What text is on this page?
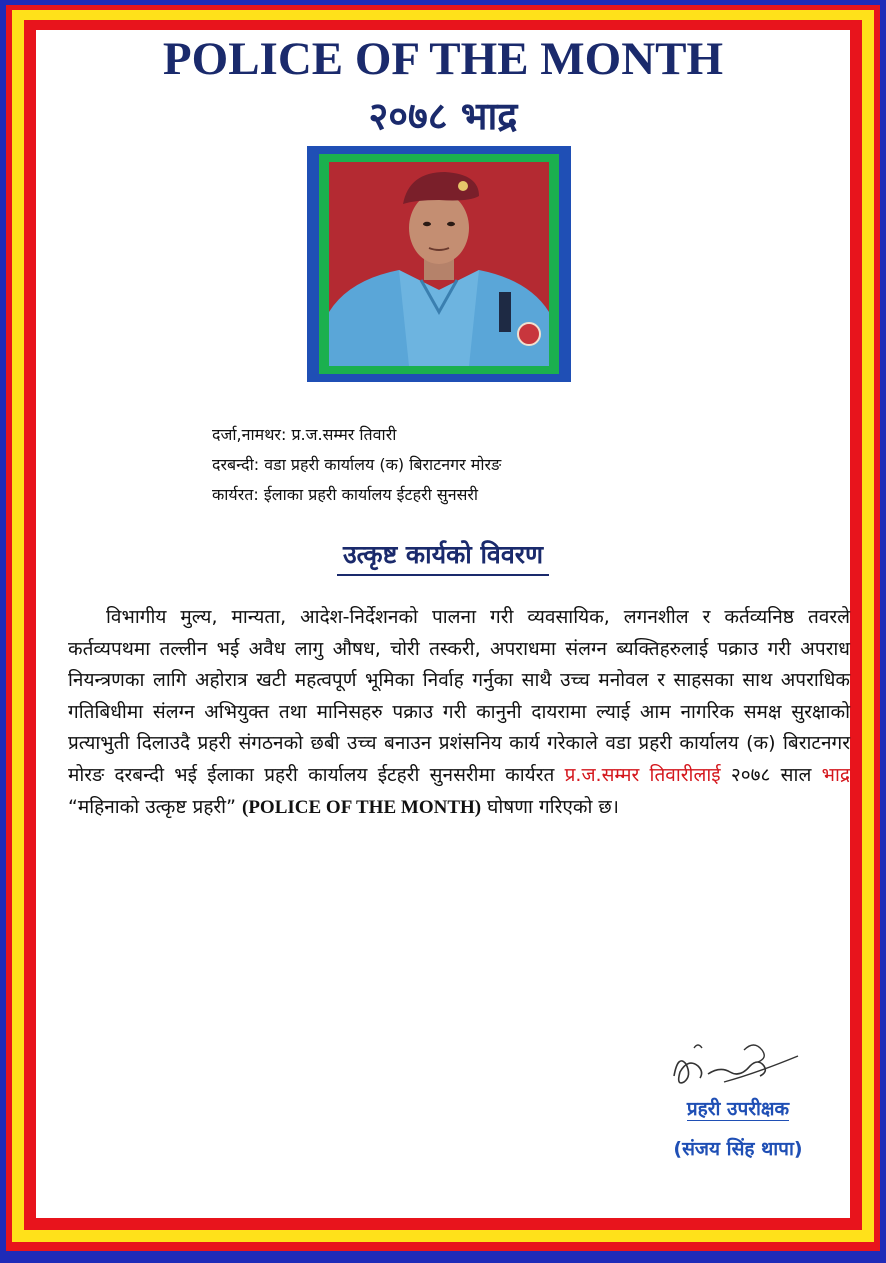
POLICE OF THE MONTH
२०७८ भाद्र
दर्जा,नामथर: प्र.ज.सम्मर तिवारी
दरबन्दी: वडा प्रहरी कार्यालय (क) बिराटनगर मोरङ
कार्यरत: ईलाका प्रहरी कार्यालय ईटहरी सुनसरी
उत्कृष्ट कार्यको विवरण

  विभागीय मुल्य, मान्यता, आदेश-निर्देशनको पालना गरी व्यवसायिक, लगनशील र कर्तव्यनिष्ठ तवरले कर्तव्यपथमा तल्लीन भई अवैध लागु औषध, चोरी तस्करी, अपराधमा संलग्न ब्यक्तिहरुलाई पक्राउ गरी अपराध नियन्त्रणका लागि अहोरात्र खटी महत्वपूर्ण भूमिका निर्वाह गर्नुका साथै उच्च मनोवल र साहसका साथ अपराधिक गतिबिधीमा संलग्न अभियुक्त तथा मानिसहरु पक्राउ गरी कानुनी दायरामा ल्याई आम नागरिक समक्ष सुरक्षाको प्रत्याभुती दिलाउदै प्रहरी संगठनको छबी उच्च बनाउन प्रशंसनिय कार्य गरेकाले वडा प्रहरी कार्यालय (क) बिराटनगर मोरङ दरबन्दी भई ईलाका प्रहरी कार्यालय ईटहरी सुनसरीमा कार्यरत प्र.ज.सम्मर तिवारीलाई २०७८ साल भाद्र “महिनाको उत्कृष्ट प्रहरी” (POLICE OF THE MONTH) घोषणा गरिएको छ।

प्रहरी उपरीक्षक
(संजय सिंह थापा)
